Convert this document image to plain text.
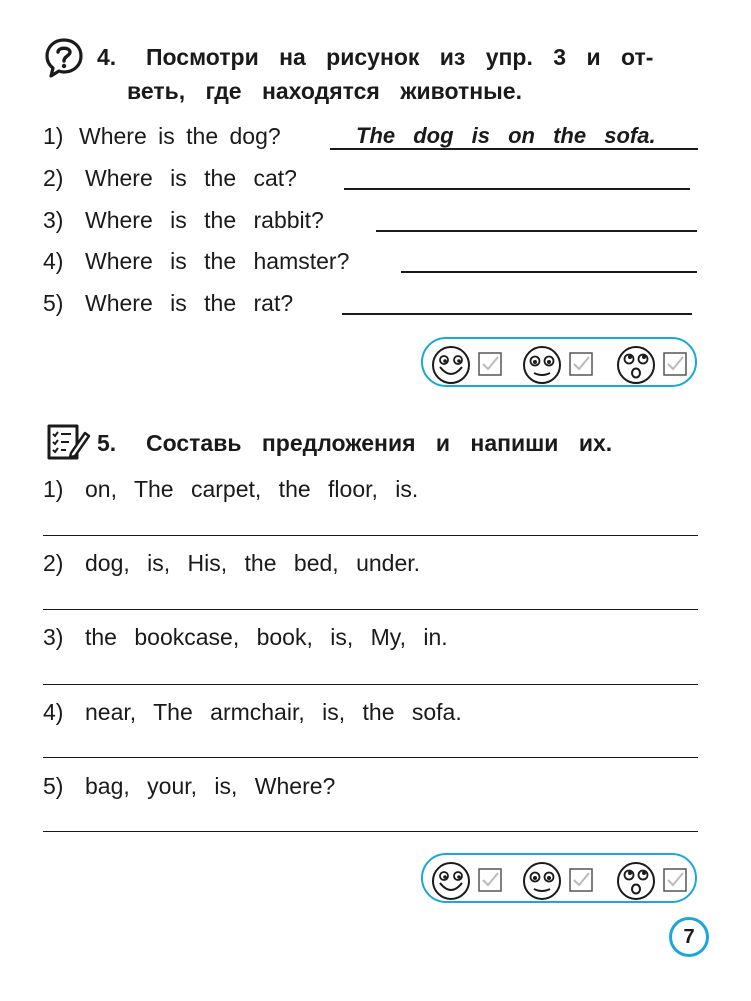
4. Посмотри на рисунок из упр. 3 и от-
веть, где находятся животные.
1) Where is the dog?	The dog is on the sofa.
2) Where is the cat?
3) Where is the rabbit?
4) Where is the hamster?
5) Where is the rat?
5. Составь предложения и напиши их.
1) on, The carpet, the floor, is.
2) dog, is, His, the bed, under.
3) the bookcase, book, is, My, in.
4) near, The armchair, is, the sofa.
5) bag, your, is, Where?
7
